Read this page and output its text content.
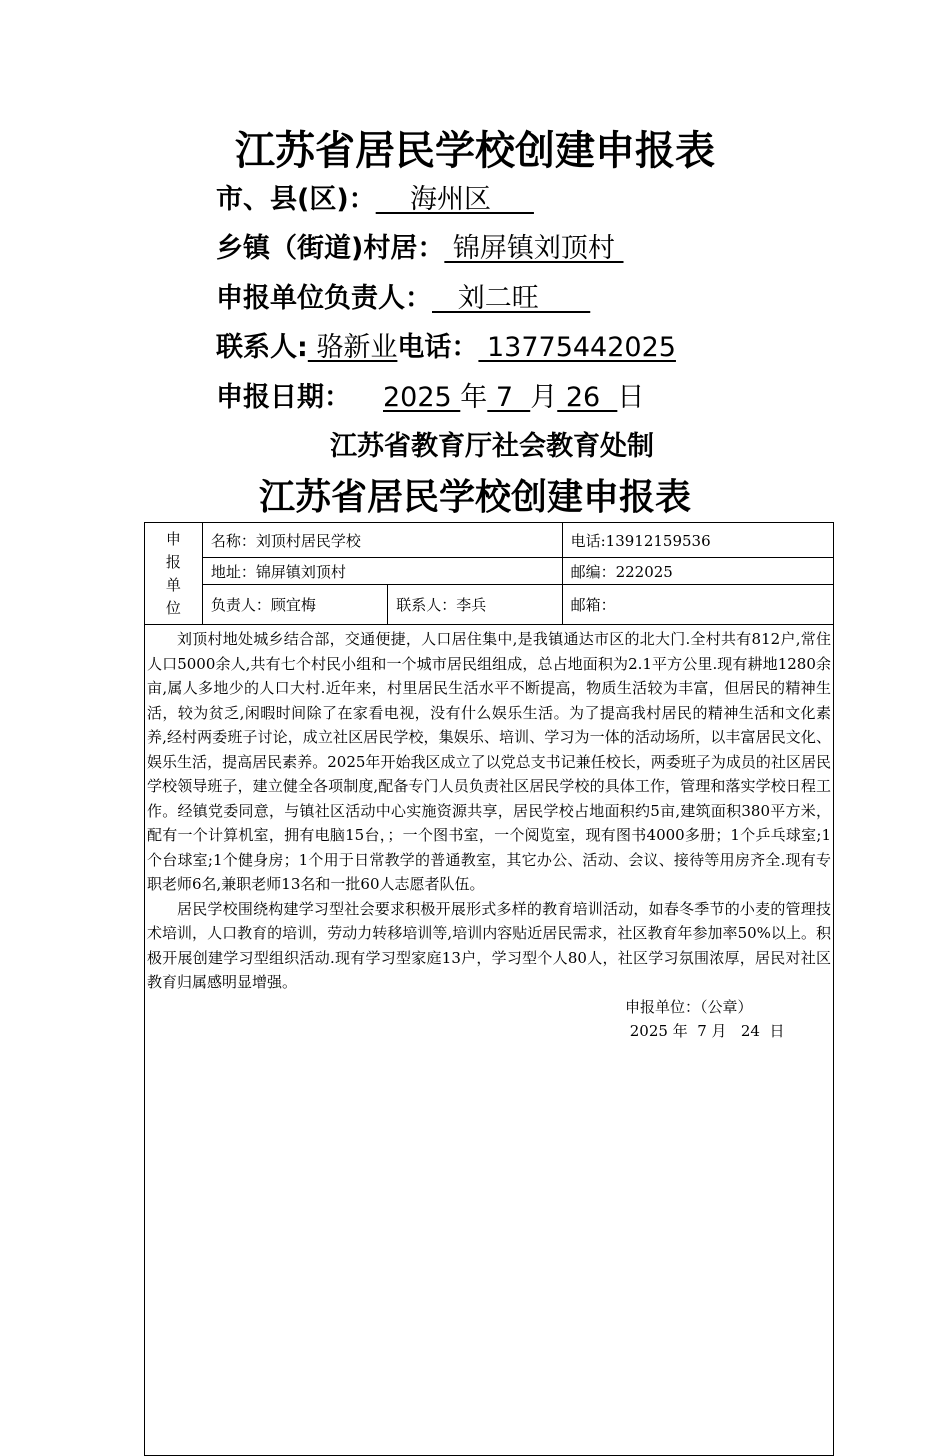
江苏省居民学校创建申报表
市、县(区)：    海州区
乡镇（街道)村居： 锦屏镇刘顶村
申报单位负责人：   刘二旺
联系人: 骆新业电话： 13775442025
申报日期： 2025 年 7  月 26  日
江苏省教育厅社会教育处制
江苏省居民学校创建申报表
申
报
单
位	名称：刘顶村居民学校		电话:13912159536
	地址：锦屏镇刘顶村		邮编：222025
	负责人：顾宜梅	联系人：李兵	邮箱：

刘顶村地处城乡结合部，交通便捷，人口居住集中,是我镇通达市区的北大门.全村共有812户,常住人口5000余人,共有七个村民小组和一个城市居民组组成，总占地面积为2.1平方公里.现有耕地1280余亩,属人多地少的人口大村.近年来，村里居民生活水平不断提高，物质生活较为丰富，但居民的精神生活，较为贫乏,闲暇时间除了在家看电视，没有什么娱乐生活。为了提高我村居民的精神生活和文化素养,经村两委班子讨论，成立社区居民学校，集娱乐、培训、学习为一体的活动场所，以丰富居民文化、娱乐生活，提高居民素养。2025年开始我区成立了以党总支书记兼任校长，两委班子为成员的社区居民学校领导班子，建立健全各项制度,配备专门人员负责社区居民学校的具体工作，管理和落实学校日程工作。经镇党委同意，与镇社区活动中心实施资源共享，居民学校占地面积约5亩,建筑面积380平方米，配有一个计算机室，拥有电脑15台，；一个图书室，一个阅览室，现有图书4000多册；1个乒乓球室;1个台球室;1个健身房；1个用于日常教学的普通教室，其它办公、活动、会议、接待等用房齐全.现有专职老师6名,兼职老师13名和一批60人志愿者队伍。

居民学校围绕构建学习型社会要求积极开展形式多样的教育培训活动，如春冬季节的小麦的管理技术培训，人口教育的培训，劳动力转移培训等,培训内容贴近居民需求，社区教育年参加率50%以上。积极开展创建学习型组织活动.现有学习型家庭13户，学习型个人80人，社区学习氛围浓厚，居民对社区教育归属感明显增强。

申报单位：（公章）

2025 年  7 月   24  日			
